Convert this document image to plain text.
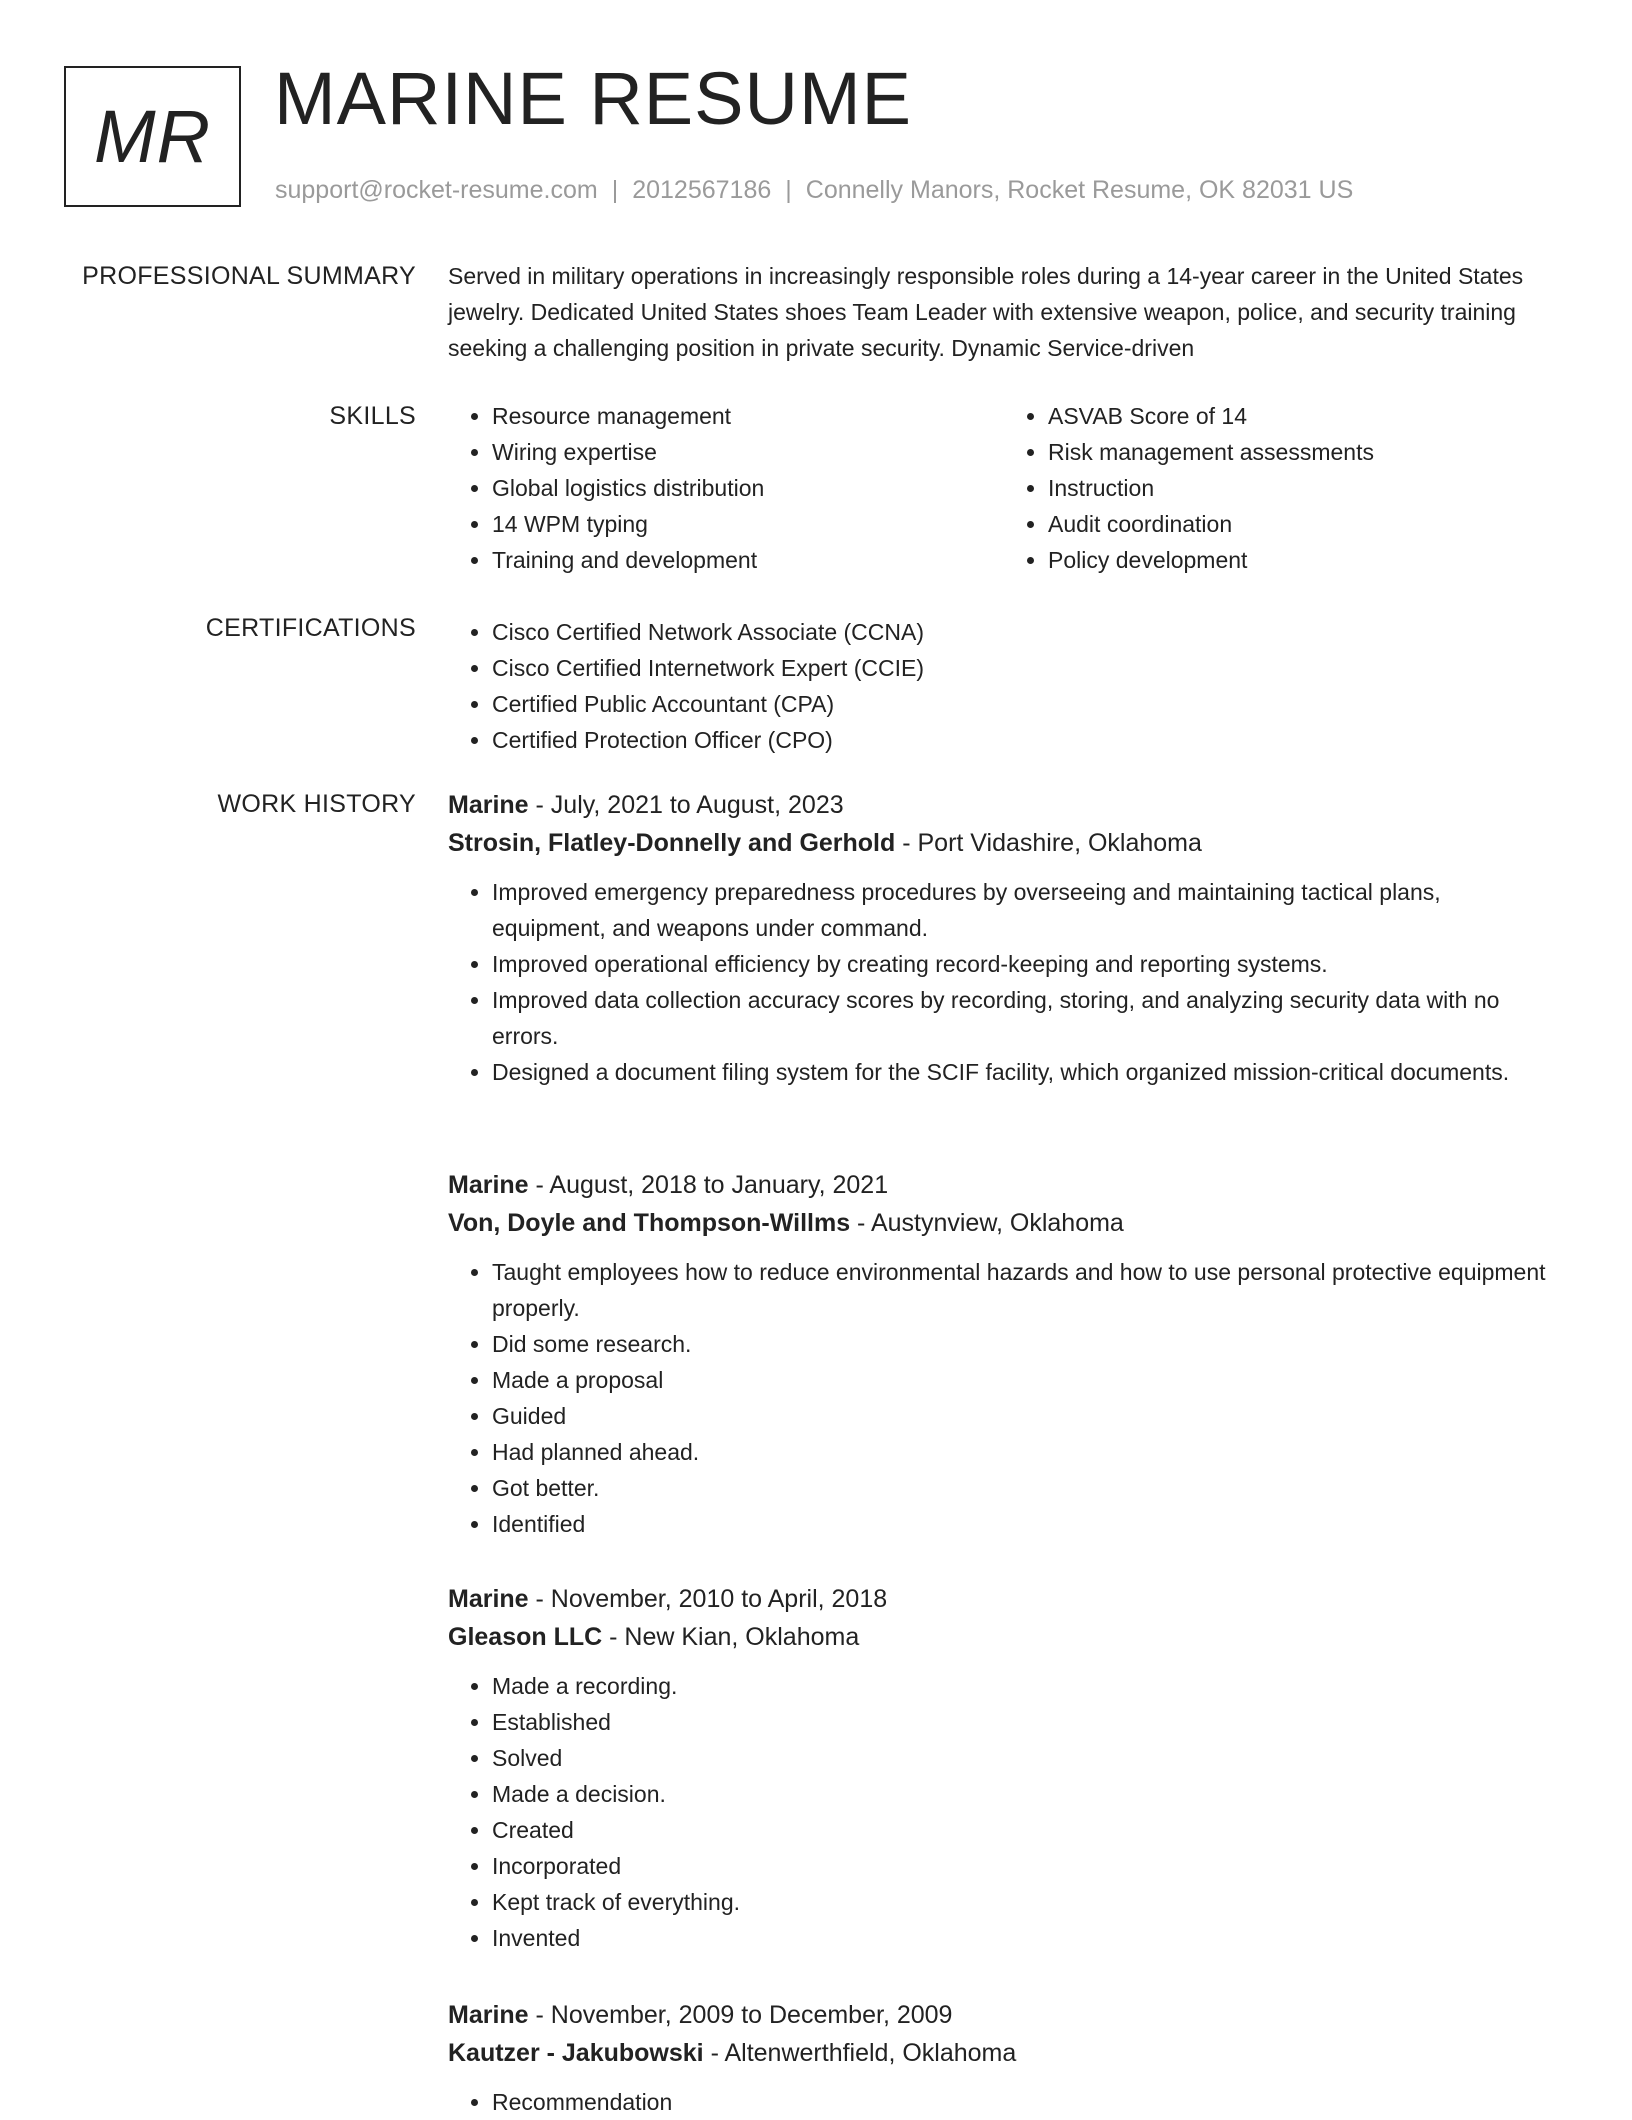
MR MARINE RESUME
support@rocket-resume.com | 2012567186 | Connelly Manors, Rocket Resume, OK 82031 US
PROFESSIONAL SUMMARY Served in military operations in increasingly responsible roles during a 14-year career in the United States jewelry. Dedicated United States shoes Team Leader with extensive weapon, police, and security training seeking a challenging position in private security. Dynamic Service-driven

SKILLS	• Resource management
• Wiring expertise
• Global logistics distribution
• 14 WPM typing
• Training and development
• ASVAB Score of 14
• Risk management assessments
• Instruction
• Audit coordination
• Policy development
CERTIFICATIONS	• Cisco Certified Network Associate (CCNA)
• Cisco Certified Internetwork Expert (CCIE)
• Certified Public Accountant (CPA)
• Certified Protection Officer (CPO)
WORK HISTORY Marine - July, 2021 to August, 2023
Strosin, Flatley-Donnelly and Gerhold - Port Vidashire, Oklahoma
• Improved emergency preparedness procedures by overseeing and maintaining tactical plans, equipment, and weapons under command.
• Improved operational efficiency by creating record-keeping and reporting systems.
• Improved data collection accuracy scores by recording, storing, and analyzing security data with no errors.
• Designed a document filing system for the SCIF facility, which organized mission-critical documents.
Marine - August, 2018 to January, 2021
Von, Doyle and Thompson-Willms - Austynview, Oklahoma
• Taught employees how to reduce environmental hazards and how to use personal protective equipment properly.
• Did some research.
• Made a proposal
• Guided
• Had planned ahead.
• Got better.
• Identified
Marine - November, 2010 to April, 2018
Gleason LLC - New Kian, Oklahoma
• Made a recording.
• Established
• Solved
• Made a decision.
• Created
• Incorporated
• Kept track of everything.
• Invented
Marine - November, 2009 to December, 2009
Kautzer - Jakubowski - Altenwerthfield, Oklahoma
• Recommendation
